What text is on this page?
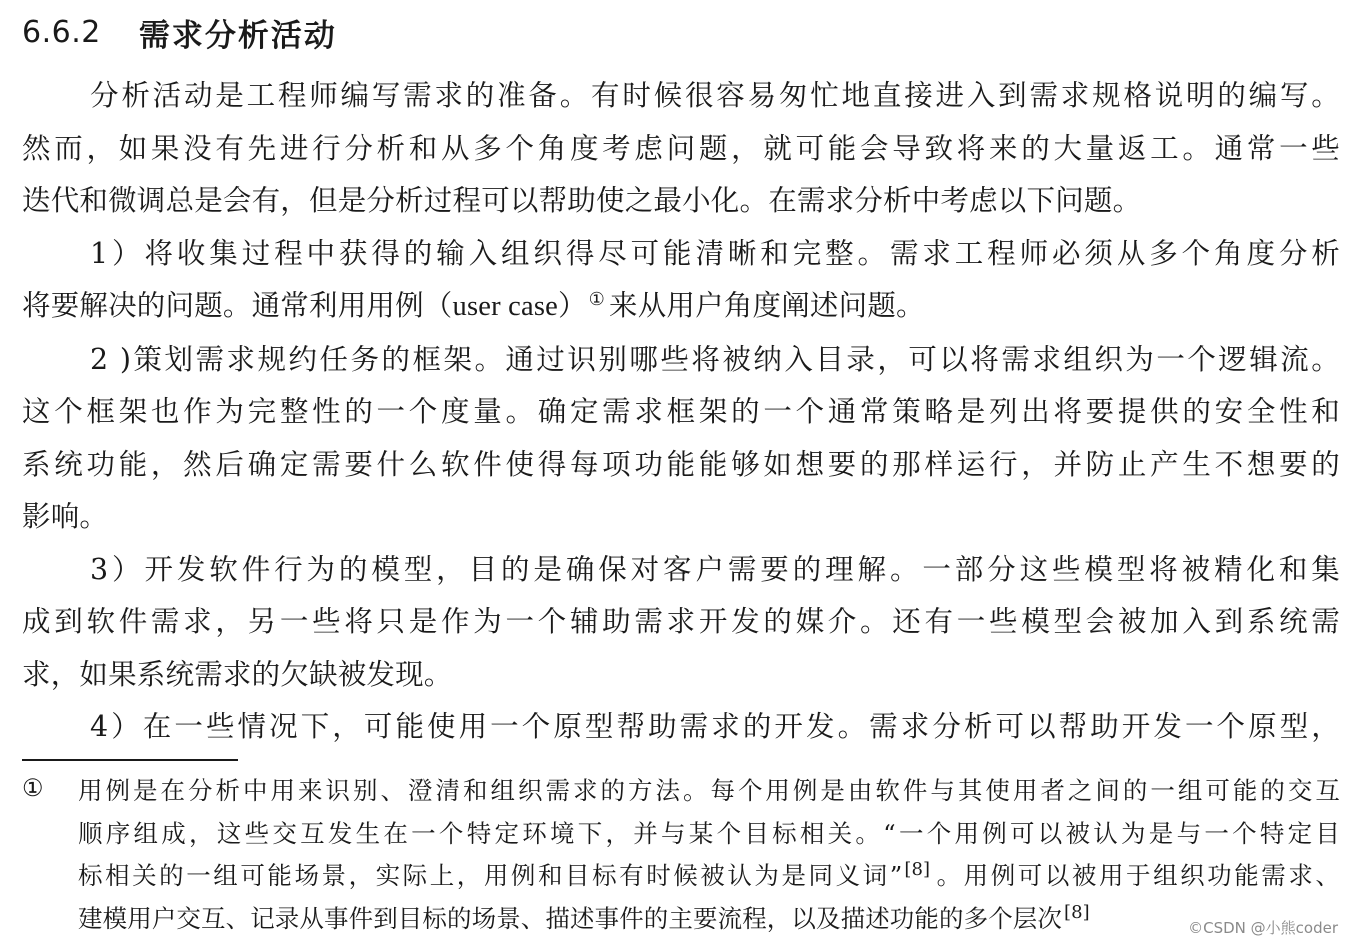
6.6.2 需求分析活动

分析活动是工程师编写需求的准备。有时候很容易匆忙地直接进入到需求规格说明的编写。
然而，如果没有先进行分析和从多个角度考虑问题，就可能会导致将来的大量返工。通常一些
迭代和微调总是会有，但是分析过程可以帮助使之最小化。在需求分析中考虑以下问题。

1）将收集过程中获得的输入组织得尽可能清晰和完整。需求工程师必须从多个角度分析
将要解决的问题。通常利用用例（user case） ① 来从用户角度阐述问题。

2 )策划需求规约任务的框架。通过识别哪些将被纳入目录，可以将需求组织为一个逻辑流。
这个框架也作为完整性的一个度量。确定需求框架的一个通常策略是列出将要提供的安全性和
系统功能，然后确定需要什么软件使得每项功能能够如想要的那样运行，并防止产生不想要的
影响。

3）开发软件行为的模型，目的是确保对客户需要的理解。一部分这些模型将被精化和集
成到软件需求，另一些将只是作为一个辅助需求开发的媒介。还有一些模型会被加入到系统需
求，如果系统需求的欠缺被发现。

4）在一些情况下，可能使用一个原型帮助需求的开发。需求分析可以帮助开发一个原型，

① 用例是在分析中用来识别、澄清和组织需求的方法。每个用例是由软件与其使用者之间的一组可能的交互
顺序组成，这些交互发生在一个特定环境下，并与某个目标相关。“一个用例可以被认为是与一个特定目
标相关的一组可能场景，实际上，用例和目标有时候被认为是同义词” [8] 。用例可以被用于组织功能需求、
建模用户交互、记录从事件到目标的场景、描述事件的主要流程，以及描述功能的多个层次 [8]
©CSDN @小熊coder
